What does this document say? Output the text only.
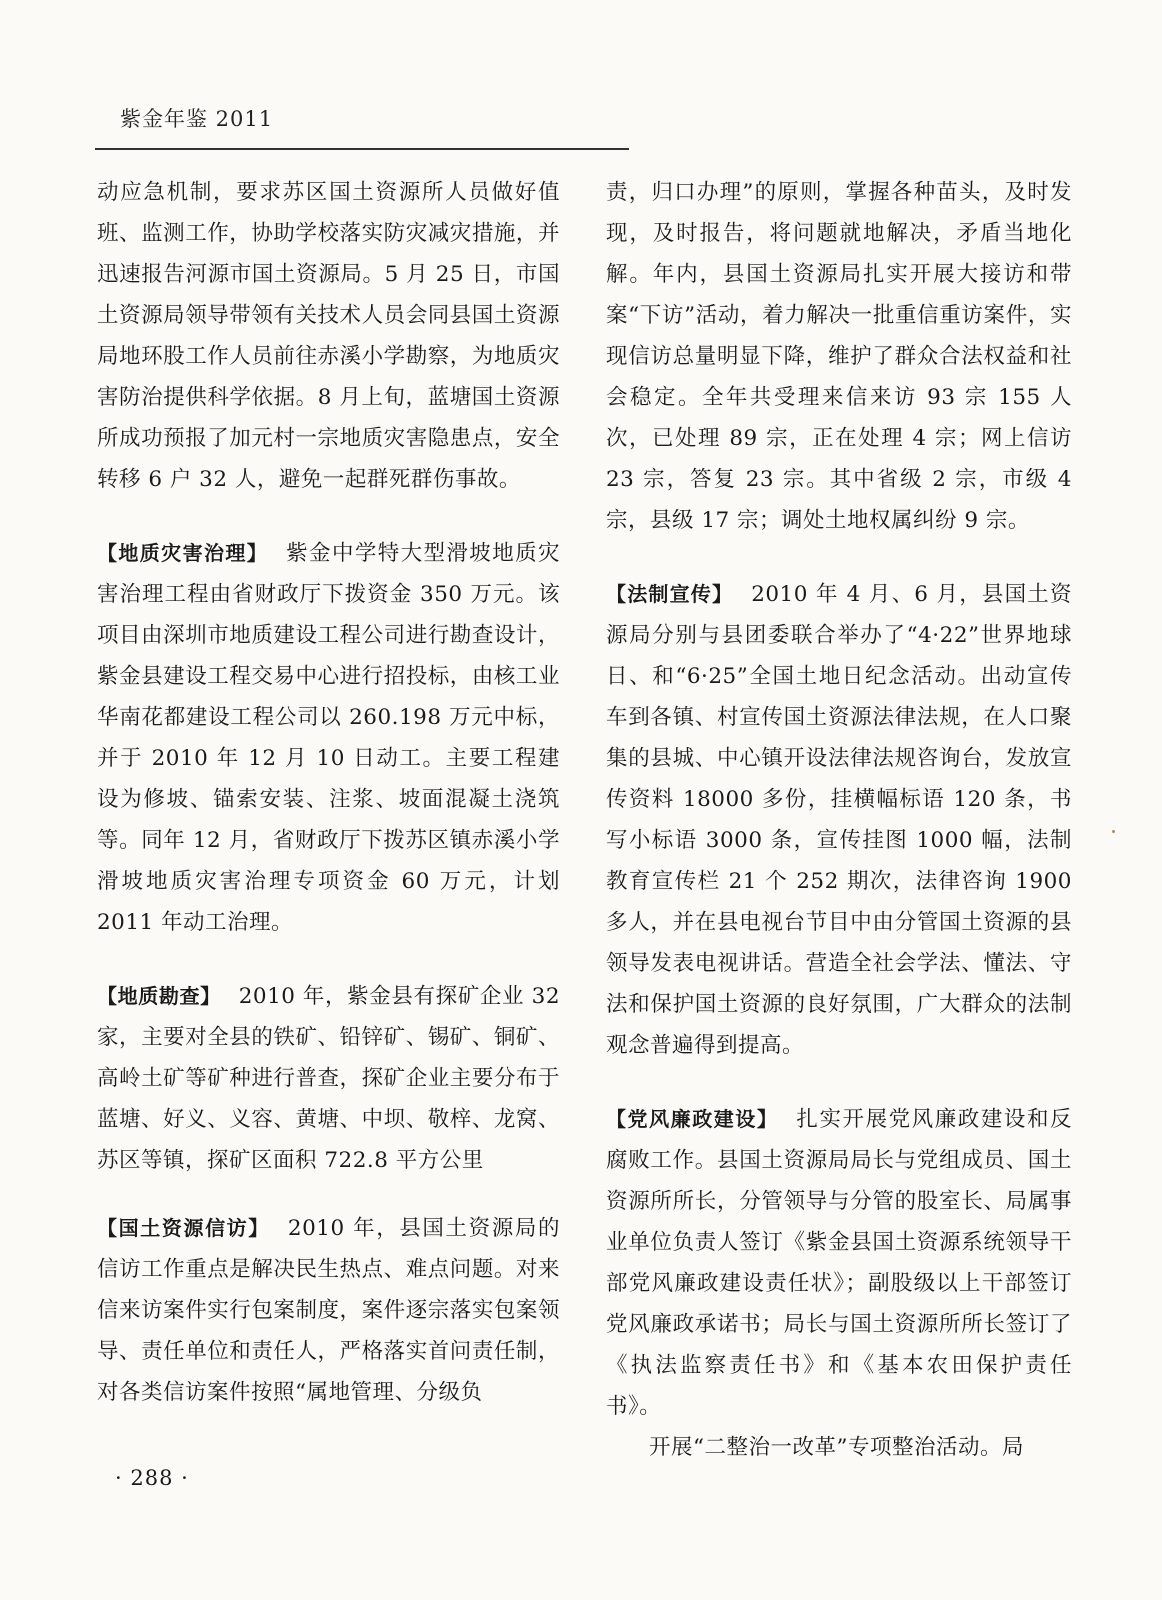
紫金年鉴 2011

动应急机制，要求苏区国土资源所人员做好值班、监测工作，协助学校落实防灾减灾措施，并迅速报告河源市国土资源局。5 月 25 日，市国土资源局领导带领有关技术人员会同县国土资源局地环股工作人员前往赤溪小学勘察，为地质灾害防治提供科学依据。8 月上旬，蓝塘国土资源所成功预报了加元村一宗地质灾害隐患点，安全转移 6 户 32 人，避免一起群死群伤事故。

【地质灾害治理】 紫金中学特大型滑坡地质灾害治理工程由省财政厅下拨资金 350 万元。该项目由深圳市地质建设工程公司进行勘查设计，紫金县建设工程交易中心进行招投标，由核工业华南花都建设工程公司以 260.198 万元中标，并于 2010 年 12 月 10 日动工。主要工程建设为修坡、锚索安装、注浆、坡面混凝土浇筑等。同年 12 月，省财政厅下拨苏区镇赤溪小学滑坡地质灾害治理专项资金 60 万元，计划 2011 年动工治理。

【地质勘查】 2010 年，紫金县有探矿企业 32 家，主要对全县的铁矿、铅锌矿、锡矿、铜矿、高岭土矿等矿种进行普查，探矿企业主要分布于蓝塘、好义、义容、黄塘、中坝、敬梓、龙窝、苏区等镇，探矿区面积 722.8 平方公里

【国土资源信访】 2010 年，县国土资源局的信访工作重点是解决民生热点、难点问题。对来信来访案件实行包案制度，案件逐宗落实包案领导、责任单位和责任人，严格落实首问责任制，对各类信访案件按照“属地管理、分级负

责，归口办理”的原则，掌握各种苗头，及时发现，及时报告，将问题就地解决，矛盾当地化解。年内，县国土资源局扎实开展大接访和带案“下访”活动，着力解决一批重信重访案件，实现信访总量明显下降，维护了群众合法权益和社会稳定。全年共受理来信来访 93 宗 155 人次，已处理 89 宗，正在处理 4 宗；网上信访 23 宗，答复 23 宗。其中省级 2 宗，市级 4 宗，县级 17 宗；调处土地权属纠纷 9 宗。

【法制宣传】 2010 年 4 月、6 月，县国土资源局分别与县团委联合举办了“4·22”世界地球日、和“6·25”全国土地日纪念活动。出动宣传车到各镇、村宣传国土资源法律法规，在人口聚集的县城、中心镇开设法律法规咨询台，发放宣传资料 18000 多份，挂横幅标语 120 条，书写小标语 3000 条，宣传挂图 1000 幅，法制教育宣传栏 21 个 252 期次，法律咨询 1900 多人，并在县电视台节目中由分管国土资源的县领导发表电视讲话。营造全社会学法、懂法、守法和保护国土资源的良好氛围，广大群众的法制观念普遍得到提高。

【党风廉政建设】 扎实开展党风廉政建设和反腐败工作。县国土资源局局长与党组成员、国土资源所所长，分管领导与分管的股室长、局属事业单位负责人签订《紫金县国土资源系统领导干部党风廉政建设责任状》；副股级以上干部签订党风廉政承诺书；局长与国土资源所所长签订了《执法监察责任书》和《基本农田保护责任书》。

开展“二整治一改革”专项整治活动。局

· 288 ·
